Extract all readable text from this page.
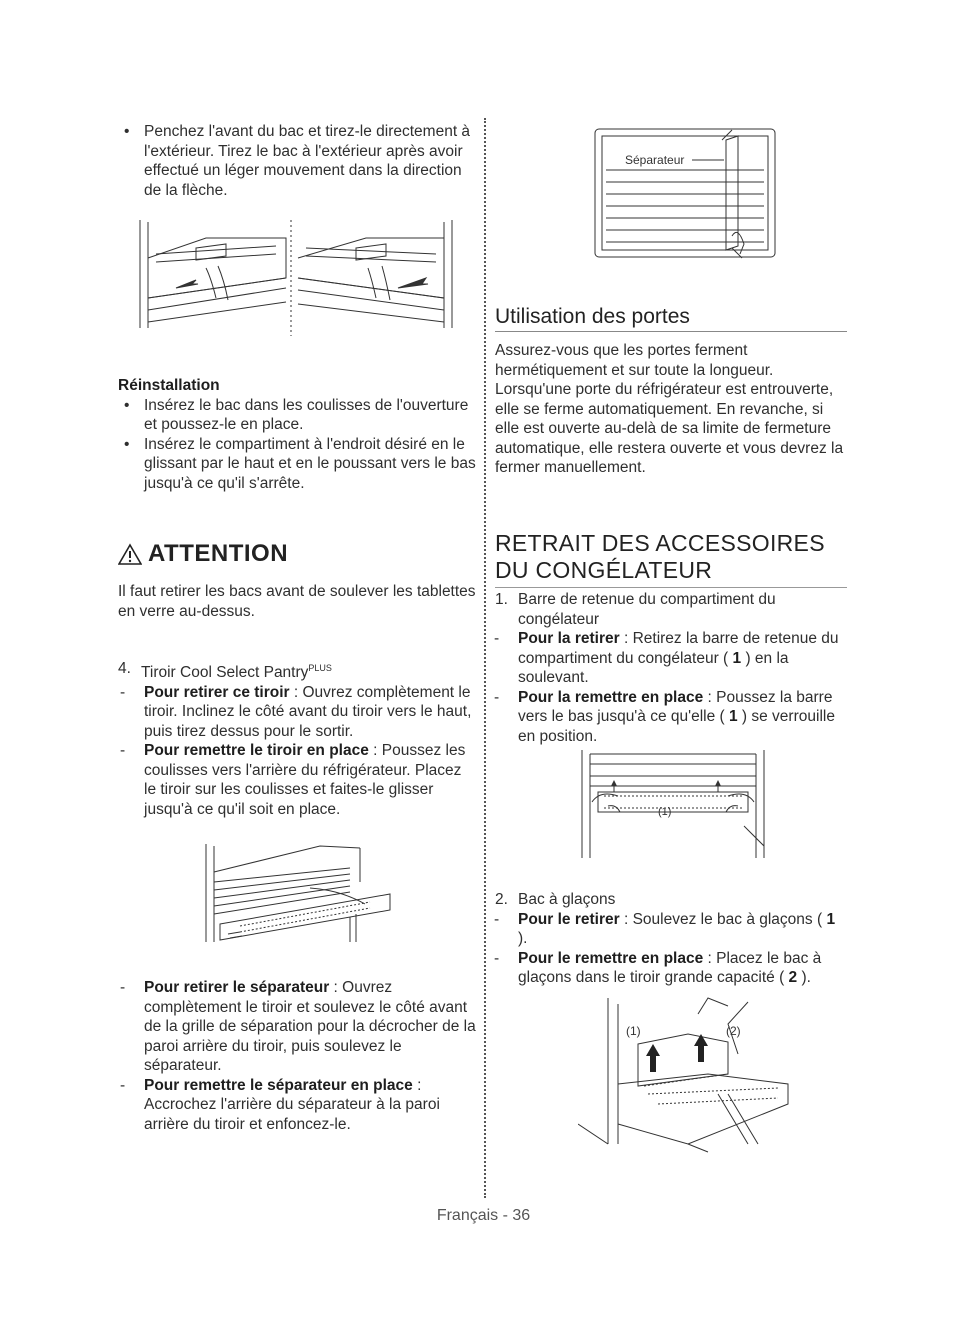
• Penchez l'avant du bac et tirez-le directement à l'extérieur. Tirez le bac à l'extérieur après avoir effectué un léger mouvement dans la direction de la flèche.
Réinstallation
• Insérez le bac dans les coulisses de l'ouverture et poussez-le en place.
• Insérez le compartiment à l'endroit désiré en le glissant par le haut et en le poussant vers le bas jusqu'à ce qu'il s'arrête.
ATTENTION
Il faut retirer les bacs avant de soulever les tablettes en verre au-dessus.
4. Tiroir Cool Select Pantry$^{PLUS}$
- Pour retirer ce tiroir : Ouvrez complètement le tiroir. Inclinez le côté avant du tiroir vers le haut, puis tirez dessus pour le sortir.
- Pour remettre le tiroir en place : Poussez les coulisses vers l'arrière du réfrigérateur. Placez le tiroir sur les coulisses et faites-le glisser jusqu'à ce qu'il soit en place.
- Pour retirer le séparateur : Ouvrez complètement le tiroir et soulevez le côté avant de la grille de séparation pour la décrocher de la paroi arrière du tiroir, puis soulevez le séparateur.
- Pour remettre le séparateur en place : Accrochez l'arrière du séparateur à la paroi arrière du tiroir et enfoncez-le.
Séparateur
Utilisation des portes
Assurez-vous que les portes ferment hermétiquement et sur toute la longueur. Lorsqu'une porte du réfrigérateur est entrouverte, elle se ferme automatiquement. En revanche, si elle est ouverte au-delà de sa limite de fermeture automatique, elle restera ouverte et vous devrez la fermer manuellement.
RETRAIT DES ACCESSOIRES DU CONGÉLATEUR
1. Barre de retenue du compartiment du congélateur
- Pour la retirer : Retirez la barre de retenue du compartiment du congélateur ( 1 ) en la soulevant.
- Pour la remettre en place : Poussez la barre vers le bas jusqu'à ce qu'elle ( 1 ) se verrouille en position.
(1)
2. Bac à glaçons
- Pour le retirer : Soulevez le bac à glaçons ( 1 ).
- Pour le remettre en place : Placez le bac à glaçons dans le tiroir grande capacité ( 2 ).
(1)	(2)
Français - 36
